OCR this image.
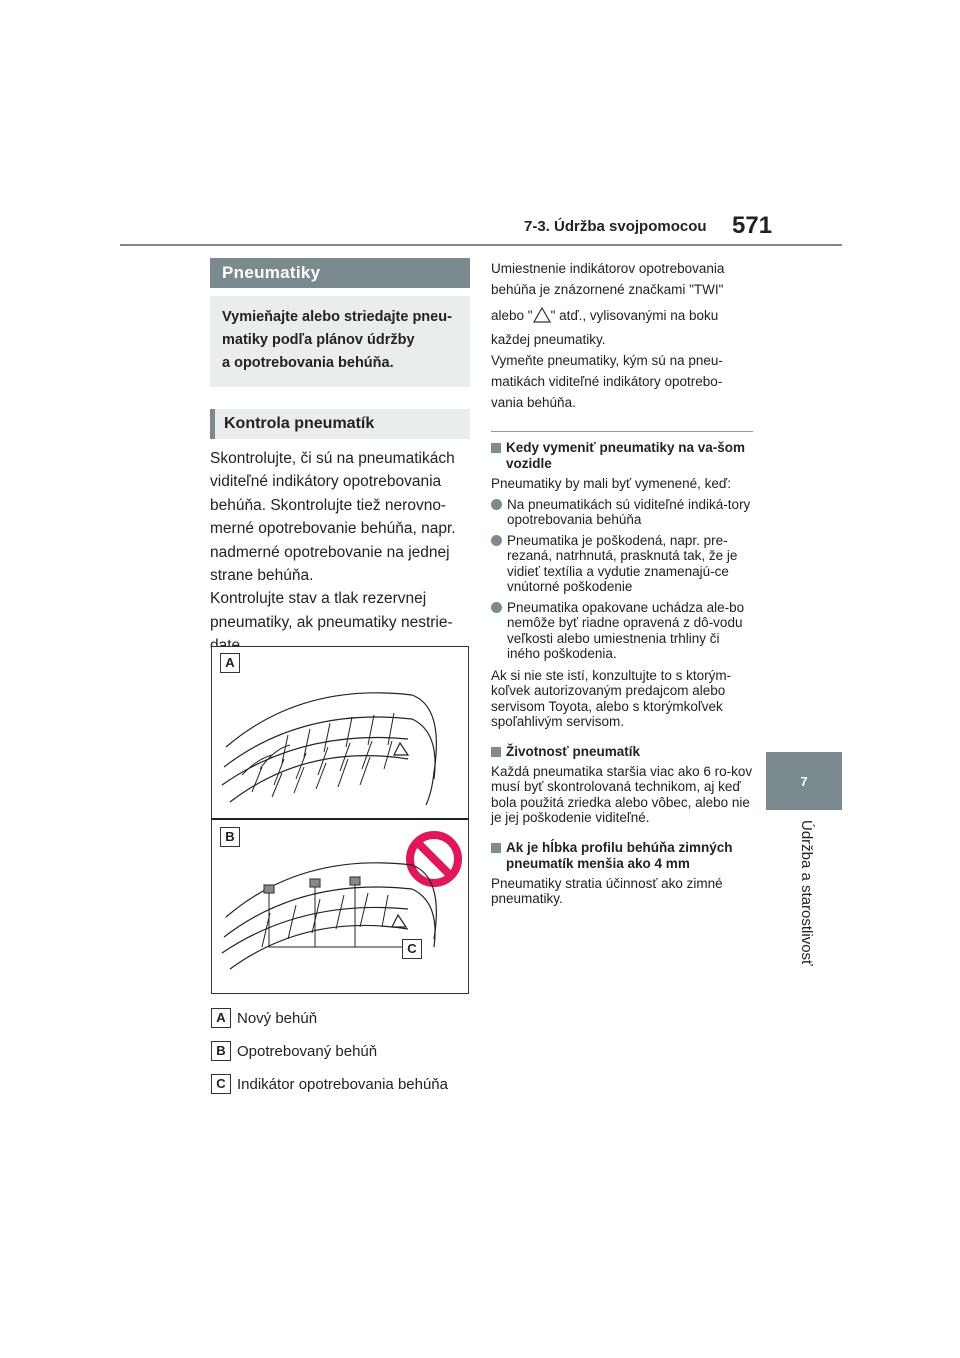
7-3. Údržba svojpomocou 571
7
Údržba a starostlivosť
Pneumatiky
Vymieňajte alebo striedajte pneu-
matiky podľa plánov údržby
a opotrebovania behúňa.
Kontrola pneumatík

Skontrolujte, či sú na pneumatikách

viditeľné indikátory opotrebovania

behúňa. Skontrolujte tiež nerovno-

merné opotrebovanie behúňa, napr.

nadmerné opotrebovanie na jednej

strane behúňa.

Kontrolujte stav a tlak rezervnej

pneumatiky, ak pneumatiky nestrie-

A
B
C
A Nový behúň
B Opotrebovaný behúň
C Indikátor opotrebovania behúňa

Umiestnenie indikátorov opotrebovania

behúňa je znázornené značkami "TWI"

alebo " " atď., vylisovanými na boku

každej pneumatiky.

Vymeňte pneumatiky, kým sú na pneu-

matikách viditeľné indikátory opotrebo-

vania behúňa.

Kedy vymeniť pneumatiky na va-šom vozidle
Pneumatiky by mali byť vymenené, keď:
Na pneumatikách sú viditeľné indiká-tory opotrebovania behúňa
Pneumatika je poškodená, napr. pre-rezaná, natrhnutá, prasknutá tak, že je vidieť textília a vydutie znamenajú-ce vnútorné poškodenie
Pneumatika opakovane uchádza ale-bo nemôže byť riadne opravená z dô-vodu veľkosti alebo umiestnenia trhliny či iného poškodenia.
Ak si nie ste istí, konzultujte to s ktorým-koľvek autorizovaným predajcom alebo servisom Toyota, alebo s ktorýmkoľvek spoľahlivým servisom.
Životnosť pneumatík
Každá pneumatika staršia viac ako 6 ro-kov musí byť skontrolovaná technikom, aj keď bola použitá zriedka alebo vôbec, alebo nie je jej poškodenie viditeľné.
Ak je hĺbka profilu behúňa zimných pneumatík menšia ako 4 mm
Pneumatiky stratia účinnosť ako zimné pneumatiky.
